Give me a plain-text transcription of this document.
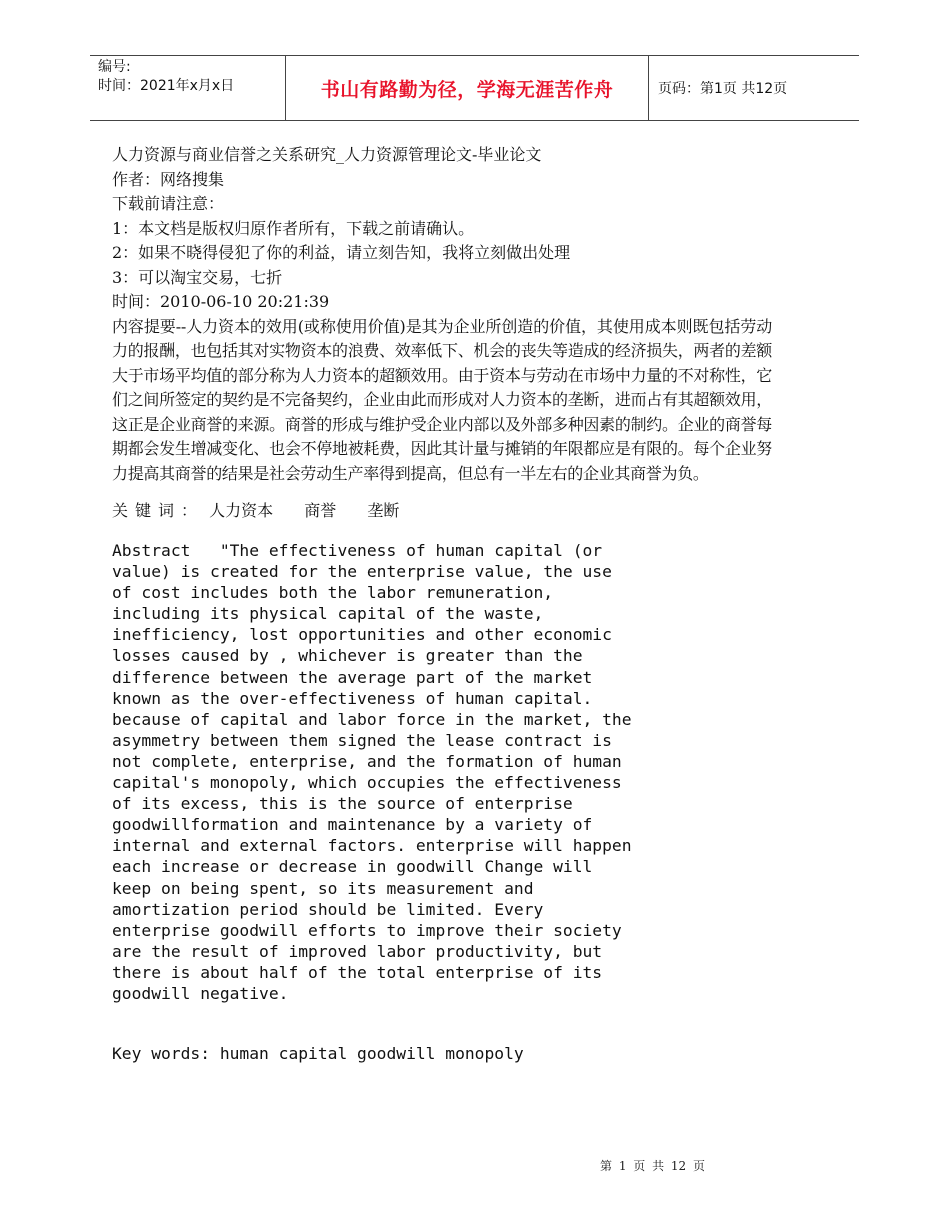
编号:
时间：2021年x月x日	书山有路勤为径，学海无涯苦作舟	页码：第1页 共12页

人力资源与商业信誉之关系研究_人力资源管理论文-毕业论文

作者：网络搜集

下载前请注意：

1：本文档是版权归原作者所有，下载之前请确认。

2：如果不晓得侵犯了你的利益，请立刻告知，我将立刻做出处理

3：可以淘宝交易，七折

时间：2010-06-10 20:21:39

内容提要--人力资本的效用(或称使用价值)是其为企业所创造的价值，其使用成本则既包括劳动力的报酬，也包括其对实物资本的浪费、效率低下、机会的丧失等造成的经济损失，两者的差额大于市场平均值的部分称为人力资本的超额效用。由于资本与劳动在市场中力量的不对称性，它们之间所签定的契约是不完备契约，企业由此而形成对人力资本的垄断，进而占有其超额效用，这正是企业商誉的来源。商誉的形成与维护受企业内部以及外部多种因素的制约。企业的商誉每期都会发生增减变化、也会不停地被耗费，因此其计量与摊销的年限都应是有限的。每个企业努力提高其商誉的结果是社会劳动生产率得到提高，但总有一半左右的企业其商誉为负。

关键词： 人力资本 商誉 垄断

Abstract   "The effectiveness of human capital (or
value) is created for the enterprise value, the use
of cost includes both the labor remuneration,
including its physical capital of the waste,
inefficiency, lost opportunities and other economic
losses caused by , whichever is greater than the
difference between the average part of the market
known as the over-effectiveness of human capital.
because of capital and labor force in the market, the
asymmetry between them signed the lease contract is
not complete, enterprise, and the formation of human
capital's monopoly, which occupies the effectiveness
of its excess, this is the source of enterprise
goodwillformation and maintenance by a variety of
internal and external factors. enterprise will happen
each increase or decrease in goodwill Change will
keep on being spent, so its measurement and
amortization period should be limited. Every
enterprise goodwill efforts to improve their society
are the result of improved labor productivity, but
there is about half of the total enterprise of its
goodwill negative.
Key words: human capital goodwill monopoly
第 1 页 共 12 页
